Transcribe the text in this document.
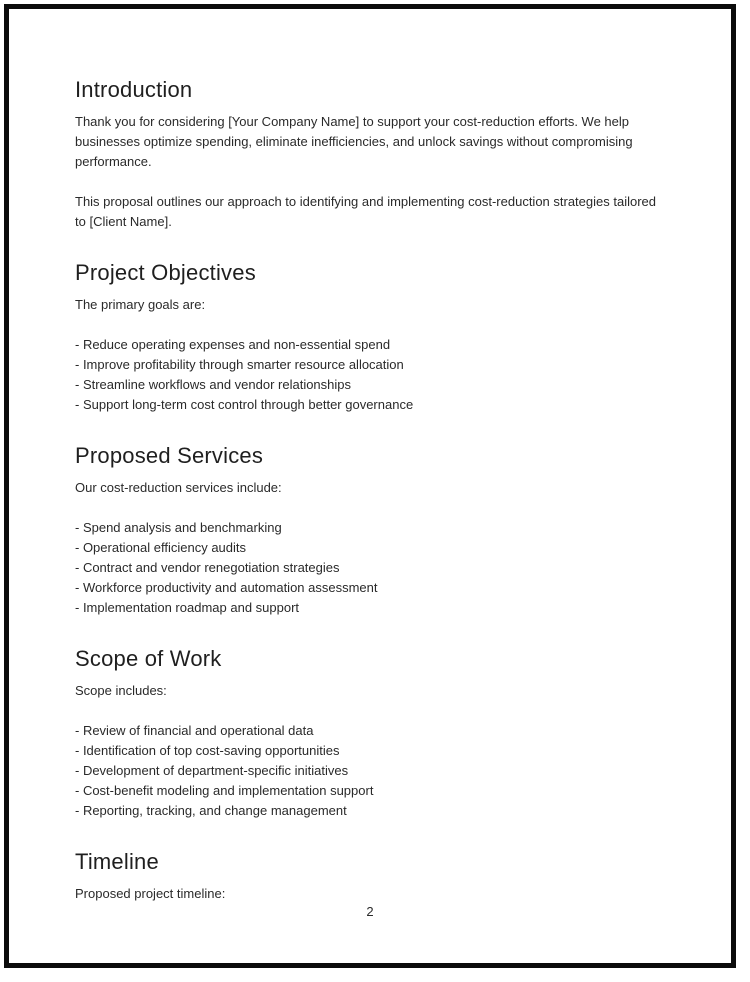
Introduction

Thank you for considering [Your Company Name] to support your cost-reduction efforts. We help businesses optimize spending, eliminate inefficiencies, and unlock savings without compromising performance.

This proposal outlines our approach to identifying and implementing cost-reduction strategies tailored to [Client Name].

Project Objectives

The primary goals are:

- Reduce operating expenses and non-essential spend

- Improve profitability through smarter resource allocation

- Streamline workflows and vendor relationships

- Support long-term cost control through better governance

Proposed Services

Our cost-reduction services include:

- Spend analysis and benchmarking

- Operational efficiency audits

- Contract and vendor renegotiation strategies

- Workforce productivity and automation assessment

- Implementation roadmap and support

Scope of Work

Scope includes:

- Review of financial and operational data

- Identification of top cost-saving opportunities

- Development of department-specific initiatives

- Cost-benefit modeling and implementation support

- Reporting, tracking, and change management

Timeline

Proposed project timeline:

2
